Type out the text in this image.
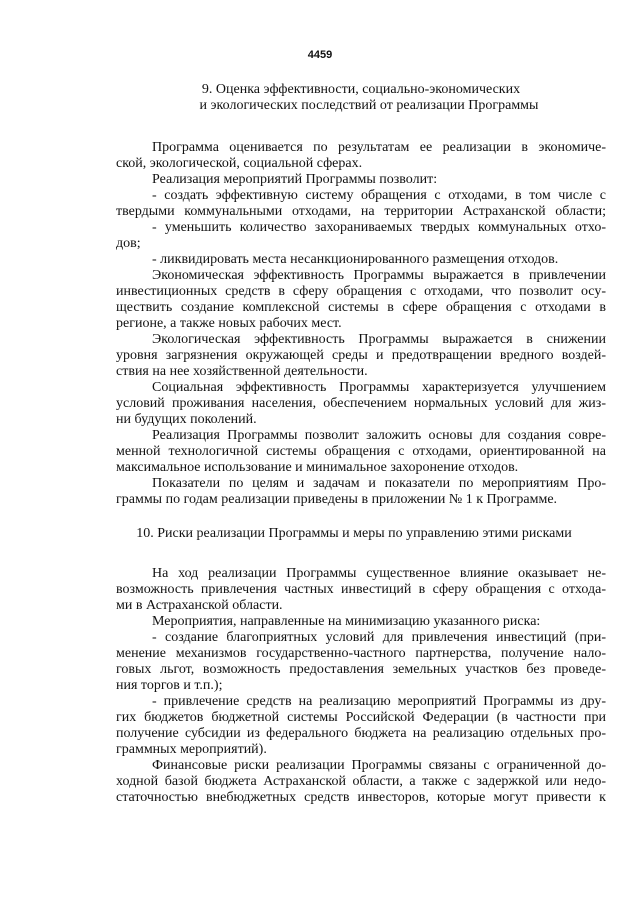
4459

9. Оценка эффективности, социально-экономических

и экологических последствий от реализации Программы

Программа оценивается по результатам ее реализации в экономиче-

ской, экологической, социальной сферах.

Реализация мероприятий Программы позволит:

- создать эффективную систему обращения с отходами, в том числе с

твердыми коммунальными отходами, на территории Астраханской области;

- уменьшить количество захораниваемых твердых коммунальных отхо-

дов;

- ликвидировать места несанкционированного размещения отходов.

Экономическая эффективность Программы выражается в привлечении

инвестиционных средств в сферу обращения с отходами, что позволит осу-

ществить создание комплексной системы в сфере обращения с отходами в

регионе, а также новых рабочих мест.

Экологическая эффективность Программы выражается в снижении

уровня загрязнения окружающей среды и предотвращении вредного воздей-

ствия на нее хозяйственной деятельности.

Социальная эффективность Программы характеризуется улучшением

условий проживания населения, обеспечением нормальных условий для жиз-

ни будущих поколений.

Реализация Программы позволит заложить основы для создания совре-

менной технологичной системы обращения с отходами, ориентированной на

максимальное использование и минимальное захоронение отходов.

Показатели по целям и задачам и показатели по мероприятиям Про-

граммы по годам реализации приведены в приложении № 1 к Программе.

10. Риски реализации Программы и меры по управлению этими рисками

На ход реализации Программы существенное влияние оказывает не-

возможность привлечения частных инвестиций в сферу обращения с отхода-

ми в Астраханской области.

Мероприятия, направленные на минимизацию указанного риска:

- создание благоприятных условий для привлечения инвестиций (при-

менение механизмов государственно-частного партнерства, получение нало-

говых льгот, возможность предоставления земельных участков без проведе-

ния торгов и т.п.);

- привлечение средств на реализацию мероприятий Программы из дру-

гих бюджетов бюджетной системы Российской Федерации (в частности при

получение субсидии из федерального бюджета на реализацию отдельных про-

граммных мероприятий).

Финансовые риски реализации Программы связаны с ограниченной до-

ходной базой бюджета Астраханской области, а также с задержкой или недо-

статочностью внебюджетных средств инвесторов, которые могут привести к
